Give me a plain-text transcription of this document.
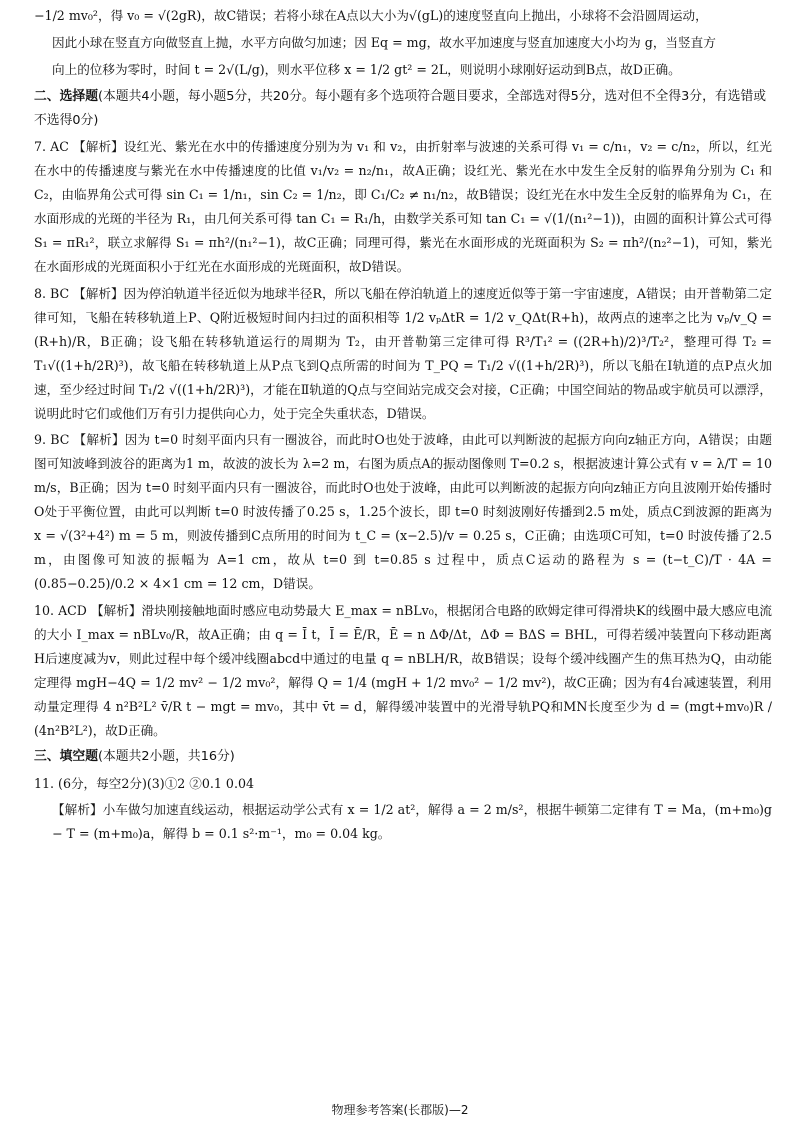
−1/2 mv₀²，得 v₀ = √(2gR)，故C错误；若将小球在A点以大小为√(gL)的速度竖直向上抛出，小球将不会沿圆周运动，

因此小球在竖直方向做竖直上抛，水平方向做匀加速；因 Eq = mg，故水平加速度与竖直加速度大小均为 g，当竖直方

向上的位移为零时，时间 t = 2√(L/g)，则水平位移 x = 1/2 gt² = 2L，则说明小球刚好运动到B点，故D正确。

二、选择题(本题共4小题，每小题5分，共20分。每小题有多个选项符合题目要求，全部选对得5分，选对但不全得3分，有选错或不选得0分)

7. AC 【解析】设红光、紫光在水中的传播速度分别为为 v₁ 和 v₂，由折射率与波速的关系可得 v₁ = c/n₁，v₂ = c/n₂，所以，红光在水中的传播速度与紫光在水中传播速度的比值 v₁/v₂ = n₂/n₁，故A正确；设红光、紫光在水中发生全反射的临界角分别为 C₁ 和 C₂，由临界角公式可得 sin C₁ = 1/n₁，sin C₂ = 1/n₂，即 C₁/C₂ ≠ n₁/n₂，故B错误；设红光在水中发生全反射的临界角为 C₁，在水面形成的光斑的半径为 R₁，由几何关系可得 tan C₁ = R₁/h，由数学关系可知 tan C₁ = √(1/(n₁²−1))，由圆的面积计算公式可得 S₁ = πR₁²，联立求解得 S₁ = πh²/(n₁²−1)，故C正确；同理可得，紫光在水面形成的光斑面积为 S₂ = πh²/(n₂²−1)，可知，紫光在水面形成的光斑面积小于红光在水面形成的光斑面积，故D错误。

8. BC 【解析】因为停泊轨道半径近似为地球半径R，所以飞船在停泊轨道上的速度近似等于第一宇宙速度，A错误；由开普勒第二定律可知，飞船在转移轨道上P、Q附近极短时间内扫过的面积相等 1/2 vₚΔtR = 1/2 v_QΔt(R+h)，故两点的速率之比为 vₚ/v_Q = (R+h)/R，B正确；设飞船在转移轨道运行的周期为 T₂，由开普勒第三定律可得 R³/T₁² = ((2R+h)/2)³/T₂²，整理可得 T₂ = T₁√((1+h/2R)³)，故飞船在转移轨道上从P点飞到Q点所需的时间为 T_PQ = T₁/2 √((1+h/2R)³)，所以飞船在Ⅰ轨道的点P点火加速，至少经过时间 T₁/2 √((1+h/2R)³)，才能在Ⅱ轨道的Q点与空间站完成交会对接，C正确；中国空间站的物品或宇航员可以漂浮，说明此时它们或他们万有引力提供向心力，处于完全失重状态，D错误。

9. BC 【解析】因为 t=0 时刻平面内只有一圈波谷，而此时O也处于波峰，由此可以判断波的起振方向向z轴正方向，A错误；由题图可知波峰到波谷的距离为1 m，故波的波长为 λ=2 m，右图为质点A的振动图像则 T=0.2 s，根据波速计算公式有 v = λ/T = 10 m/s，B正确；因为 t=0 时刻平面内只有一圈波谷，而此时O也处于波峰，由此可以判断波的起振方向向z轴正方向且波刚开始传播时O处于平衡位置，由此可以判断 t=0 时波传播了0.25 s，1.25个波长，即 t=0 时刻波刚好传播到2.5 m处，质点C到波源的距离为 x = √(3²+4²) m = 5 m，则波传播到C点所用的时间为 t_C = (x−2.5)/v = 0.25 s，C正确；由选项C可知，t=0 时波传播了2.5 m，由图像可知波的振幅为 A=1 cm，故从 t=0 到 t=0.85 s 过程中，质点C运动的路程为 s = (t−t_C)/T · 4A = (0.85−0.25)/0.2 × 4×1 cm = 12 cm，D错误。

10. ACD 【解析】滑块刚接触地面时感应电动势最大 E_max = nBLv₀，根据闭合电路的欧姆定律可得滑块K的线圈中最大感应电流的大小 I_max = nBLv₀/R，故A正确；由 q = Ī t，Ī = Ē/R，Ē = n ΔΦ/Δt，ΔΦ = BΔS = BHL，可得若缓冲装置向下移动距离H后速度减为v，则此过程中每个缓冲线圈abcd中通过的电量 q = nBLH/R，故B错误；设每个缓冲线圈产生的焦耳热为Q，由动能定理得 mgH−4Q = 1/2 mv² − 1/2 mv₀²，解得 Q = 1/4 (mgH + 1/2 mv₀² − 1/2 mv²)，故C正确；因为有4台减速装置，利用动量定理得 4 n²B²L² v̄/R t − mgt = mv₀，其中 v̄t = d，解得缓冲装置中的光滑导轨PQ和MN长度至少为 d = (mgt+mv₀)R / (4n²B²L²)，故D正确。

三、填空题(本题共2小题，共16分)

11. (6分，每空2分)(3)①2 ②0.1 0.04

【解析】小车做匀加速直线运动，根据运动学公式有 x = 1/2 at²，解得 a = 2 m/s²，根据牛顿第二定律有 T = Ma，(m+m₀)g − T = (m+m₀)a，解得 b = 0.1 s²·m⁻¹，m₀ = 0.04 kg。

物理参考答案(长郡版)—2
